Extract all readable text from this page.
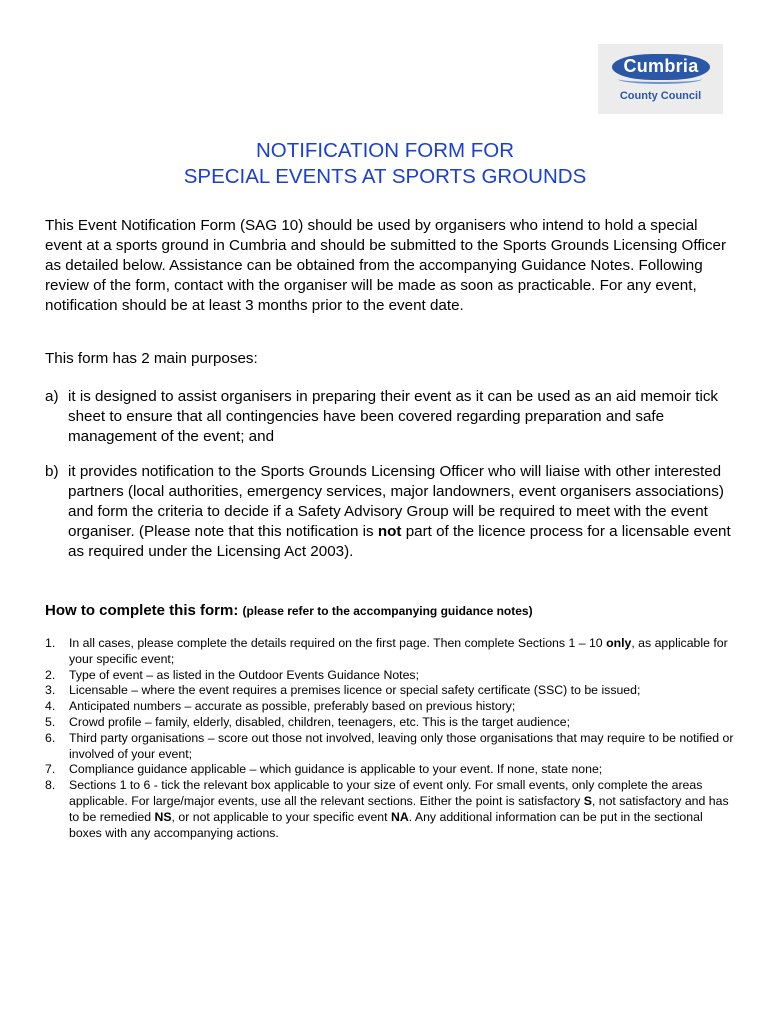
Cumbria
County Council
NOTIFICATION FORM FOR
SPECIAL EVENTS AT SPORTS GROUNDS
This Event Notification Form (SAG 10) should be used by organisers who intend to hold a special event at a sports ground in Cumbria and should be submitted to the Sports Grounds Licensing Officer as detailed below. Assistance can be obtained from the accompanying Guidance Notes. Following review of the form, contact with the organiser will be made as soon as practicable. For any event, notification should be at least 3 months prior to the event date.
This form has 2 main purposes:
a) it is designed to assist organisers in preparing their event as it can be used as an aid memoir tick sheet to ensure that all contingencies have been covered regarding preparation and safe management of the event; and
b) it provides notification to the Sports Grounds Licensing Officer who will liaise with other interested partners (local authorities, emergency services, major landowners, event organisers associations) and form the criteria to decide if a Safety Advisory Group will be required to meet with the event organiser. (Please note that this notification is not part of the licence process for a licensable event as required under the Licensing Act 2003).
How to complete this form: (please refer to the accompanying guidance notes)
1. In all cases, please complete the details required on the first page. Then complete Sections 1 – 10 only, as applicable for your specific event;
2. Type of event – as listed in the Outdoor Events Guidance Notes;
3. Licensable – where the event requires a premises licence or special safety certificate (SSC) to be issued;
4. Anticipated numbers – accurate as possible, preferably based on previous history;
5. Crowd profile – family, elderly, disabled, children, teenagers, etc. This is the target audience;
6. Third party organisations – score out those not involved, leaving only those organisations that may require to be notified or involved of your event;
7. Compliance guidance applicable – which guidance is applicable to your event. If none, state none;
8. Sections 1 to 6 - tick the relevant box applicable to your size of event only. For small events, only complete the areas applicable. For large/major events, use all the relevant sections. Either the point is satisfactory S, not satisfactory and has to be remedied NS, or not applicable to your specific event NA. Any additional information can be put in the sectional boxes with any accompanying actions.
